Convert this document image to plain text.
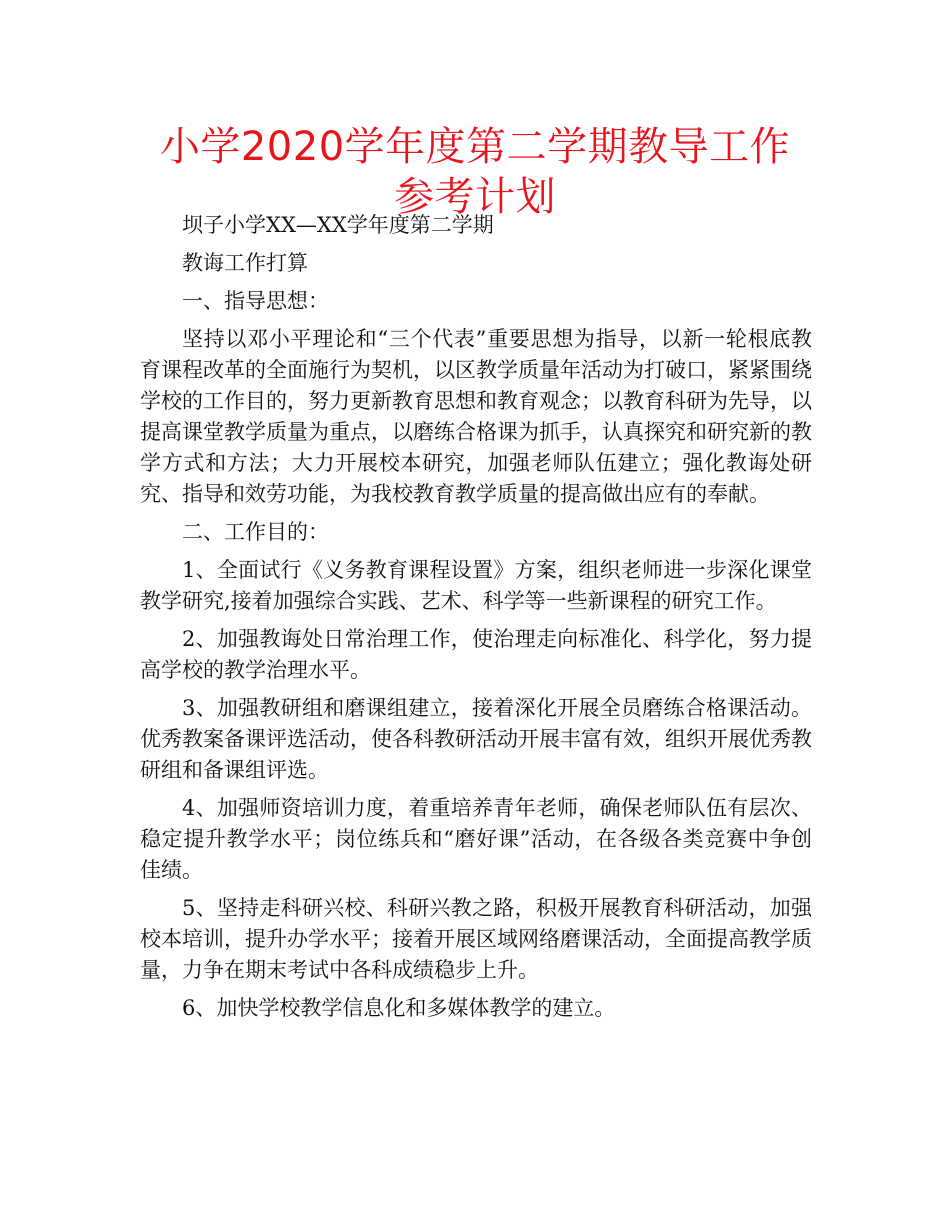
小学2020学年度第二学期教导工作参考计划

坝子小学XX—XX学年度第二学期

教诲工作打算

一、指导思想：

坚持以邓小平理论和“三个代表”重要思想为指导，以新一轮根底教育课程改革的全面施行为契机，以区教学质量年活动为打破口，紧紧围绕学校的工作目的，努力更新教育思想和教育观念；以教育科研为先导，以提高课堂教学质量为重点，以磨练合格课为抓手，认真探究和研究新的教学方式和方法；大力开展校本研究，加强老师队伍建立；强化教诲处研究、指导和效劳功能，为我校教育教学质量的提高做出应有的奉献。

二、工作目的：

1、全面试行《义务教育课程设置》方案，组织老师进一步深化课堂教学研究,接着加强综合实践、艺术、科学等一些新课程的研究工作。

2、加强教诲处日常治理工作，使治理走向标准化、科学化，努力提高学校的教学治理水平。

3、加强教研组和磨课组建立，接着深化开展全员磨练合格课活动。优秀教案备课评选活动，使各科教研活动开展丰富有效，组织开展优秀教研组和备课组评选。

4、加强师资培训力度，着重培养青年老师，确保老师队伍有层次、稳定提升教学水平；岗位练兵和“磨好课”活动，在各级各类竞赛中争创佳绩。

5、坚持走科研兴校、科研兴教之路，积极开展教育科研活动，加强校本培训，提升办学水平；接着开展区域网络磨课活动，全面提高教学质量，力争在期末考试中各科成绩稳步上升。

6、加快学校教学信息化和多媒体教学的建立。
